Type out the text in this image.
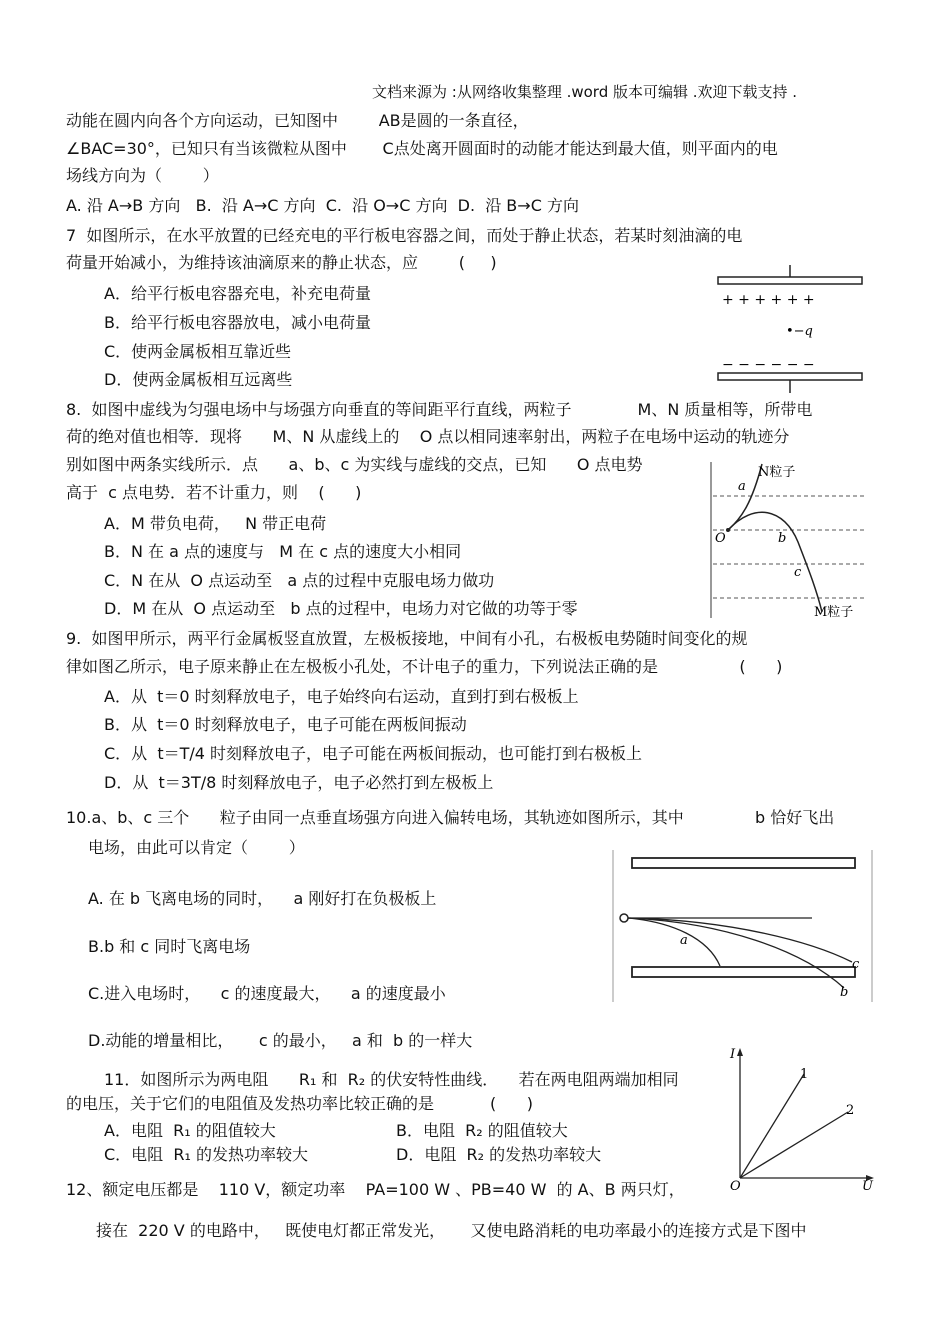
文档来源为 :从网络收集整理 .word 版本可编辑 .欢迎下载支持 .
动能在圆内向各个方向运动，已知图中        AB是圆的一条直径，
∠BAC=30°，已知只有当该微粒从图中       C点处离开圆面时的动能才能达到最大值，则平面内的电
场线方向为（        ）
A. 沿 A→B 方向   B.  沿 A→C 方向  C.  沿 O→C 方向  D.  沿 B→C 方向
7  如图所示，在水平放置的已经充电的平行板电容器之间，而处于静止状态，若某时刻油滴的电
荷量开始减小，为维持该油滴原来的静止状态，应        (     )
A．给平行板电容器充电，补充电荷量
B．给平行板电容器放电，减小电荷量
C．使两金属板相互靠近些
D．使两金属板相互远离些
+ + + + + +
•−q
− − − − − −
8.  如图中虚线为匀强电场中与场强方向垂直的等间距平行直线，两粒子             M、N 质量相等，所带电
荷的绝对值也相等．现将      M、N 从虚线上的    O 点以相同速率射出，两粒子在电场中运动的轨迹分
别如图中两条实线所示．点      a、b、c 为实线与虚线的交点，已知      O 点电势
高于  c 点电势．若不计重力，则    (      )
A．M 带负电荷，   N 带正电荷
B．N 在 a 点的速度与   M 在 c 点的速度大小相同
C．N 在从  O 点运动至   a 点的过程中克服电场力做功
D．M 在从  O 点运动至   b 点的过程中，电场力对它做的功等于零
N粒子
a
O	b
c
M粒子
9.  如图甲所示，两平行金属板竖直放置，左极板接地，中间有小孔，右极板电势随时间变化的规
律如图乙所示，电子原来静止在左极板小孔处，不计电子的重力，下列说法正确的是                (      )
A．从  t＝0 时刻释放电子，电子始终向右运动，直到打到右极板上
B．从  t＝0 时刻释放电子，电子可能在两板间振动
C．从  t＝T/4 时刻释放电子，电子可能在两板间振动，也可能打到右极板上
D．从  t＝3T/8 时刻释放电子，电子必然打到左极板上
10.a、b、c 三个      粒子由同一点垂直场强方向进入偏转电场，其轨迹如图所示，其中              b 恰好飞出
电场，由此可以肯定（        ）
A. 在 b 飞离电场的同时，    a 刚好打在负极板上
B.b 和 c 同时飞离电场
C.进入电场时，    c 的速度最大，    a 的速度最小
D.动能的增量相比，     c 的最小，   a 和  b 的一样大
a
c
b
11．如图所示为两电阻      R₁ 和  R₂ 的伏安特性曲线．    若在两电阻两端加相同
的电压，关于它们的电阻值及发热功率比较正确的是           (      )
A．电阻  R₁ 的阻值较大	B．电阻  R₂ 的阻值较大
C．电阻  R₁ 的发热功率较大	D．电阻  R₂ 的发热功率较大
I
1
2
O	U
12、额定电压都是    110 V，额定功率    PA=100 W 、PB=40 W  的 A、B 两只灯，
接在  220 V 的电路中，   既使电灯都正常发光，     又使电路消耗的电功率最小的连接方式是下图中
